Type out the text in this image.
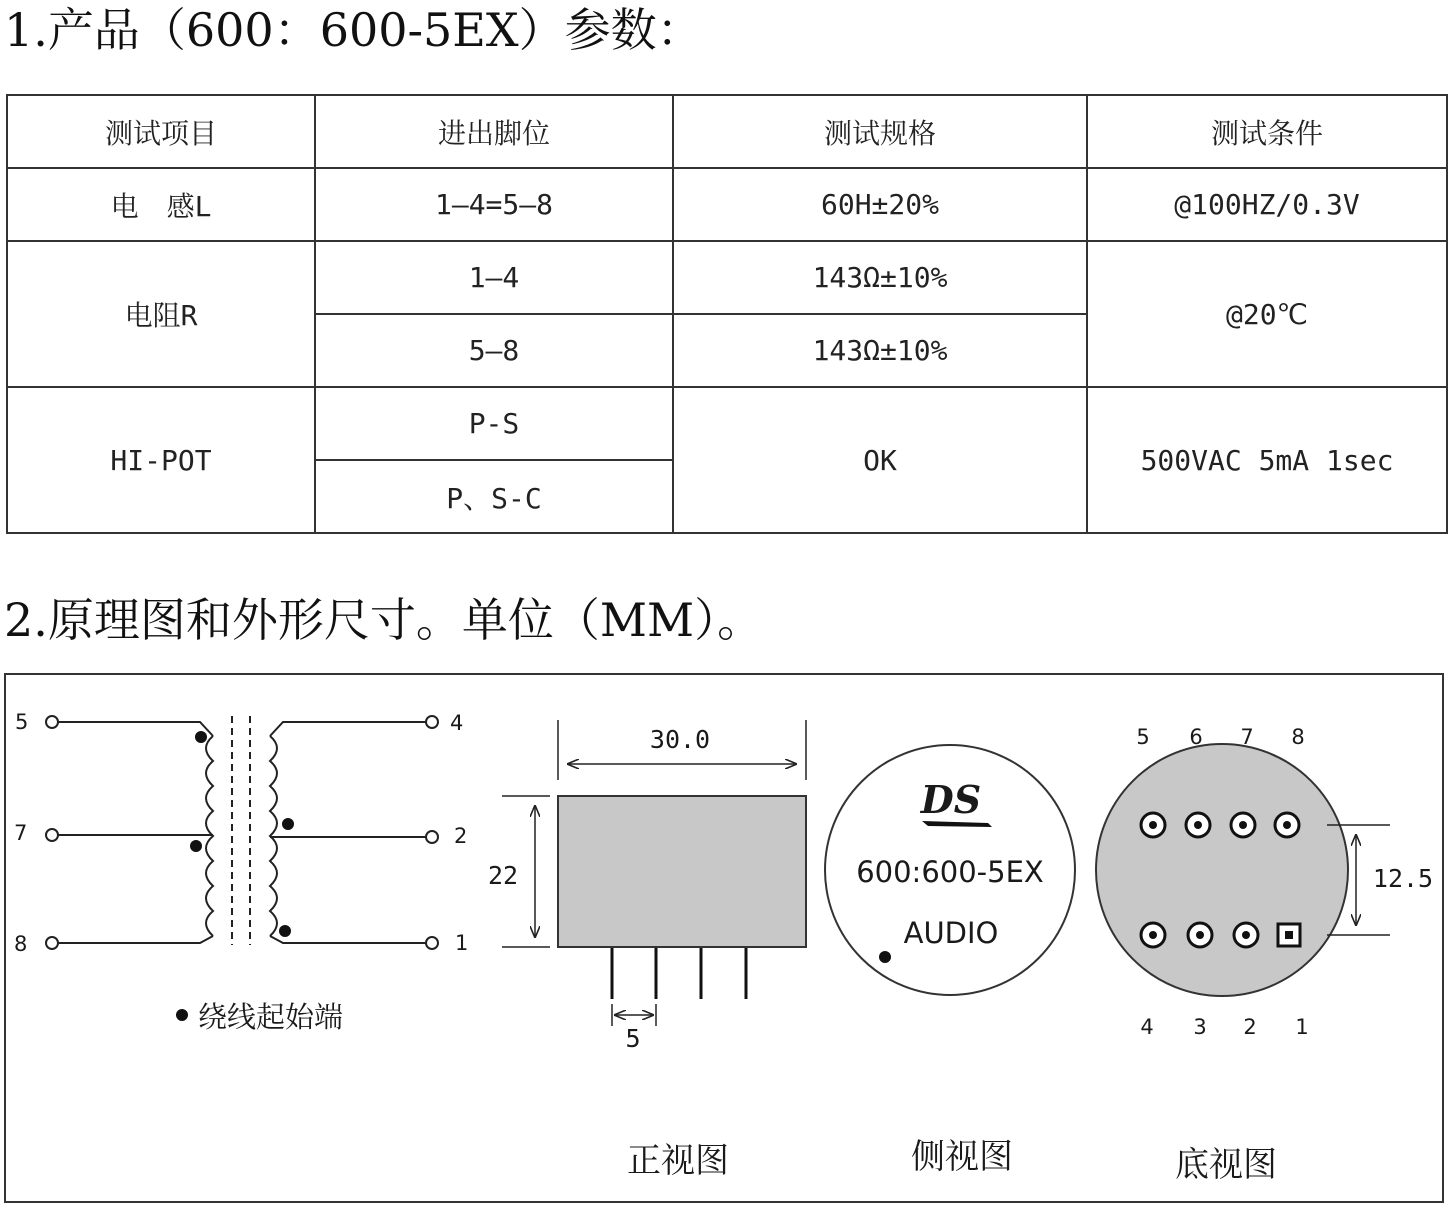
1.产品（600：600-5EX）参数：
测试项目	进出脚位	测试规格	测试条件
电　感L	1—4=5—8	60H±20%	@100HZ/0.3V
电阻R	1—4	143Ω±10%	@20℃
	5—8	143Ω±10%	
HI-POT	P-S	OK	500VAC 5mA 1sec
	P、S-C		
2.原理图和外形尺寸。单位（MM）。
5
7
8
4
2
1
绕线起始端
30.0
22
5
正视图
DS
600:600-5EX
AUDIO
侧视图
12.5
5 6 7 8
4 3 2 1
底视图
